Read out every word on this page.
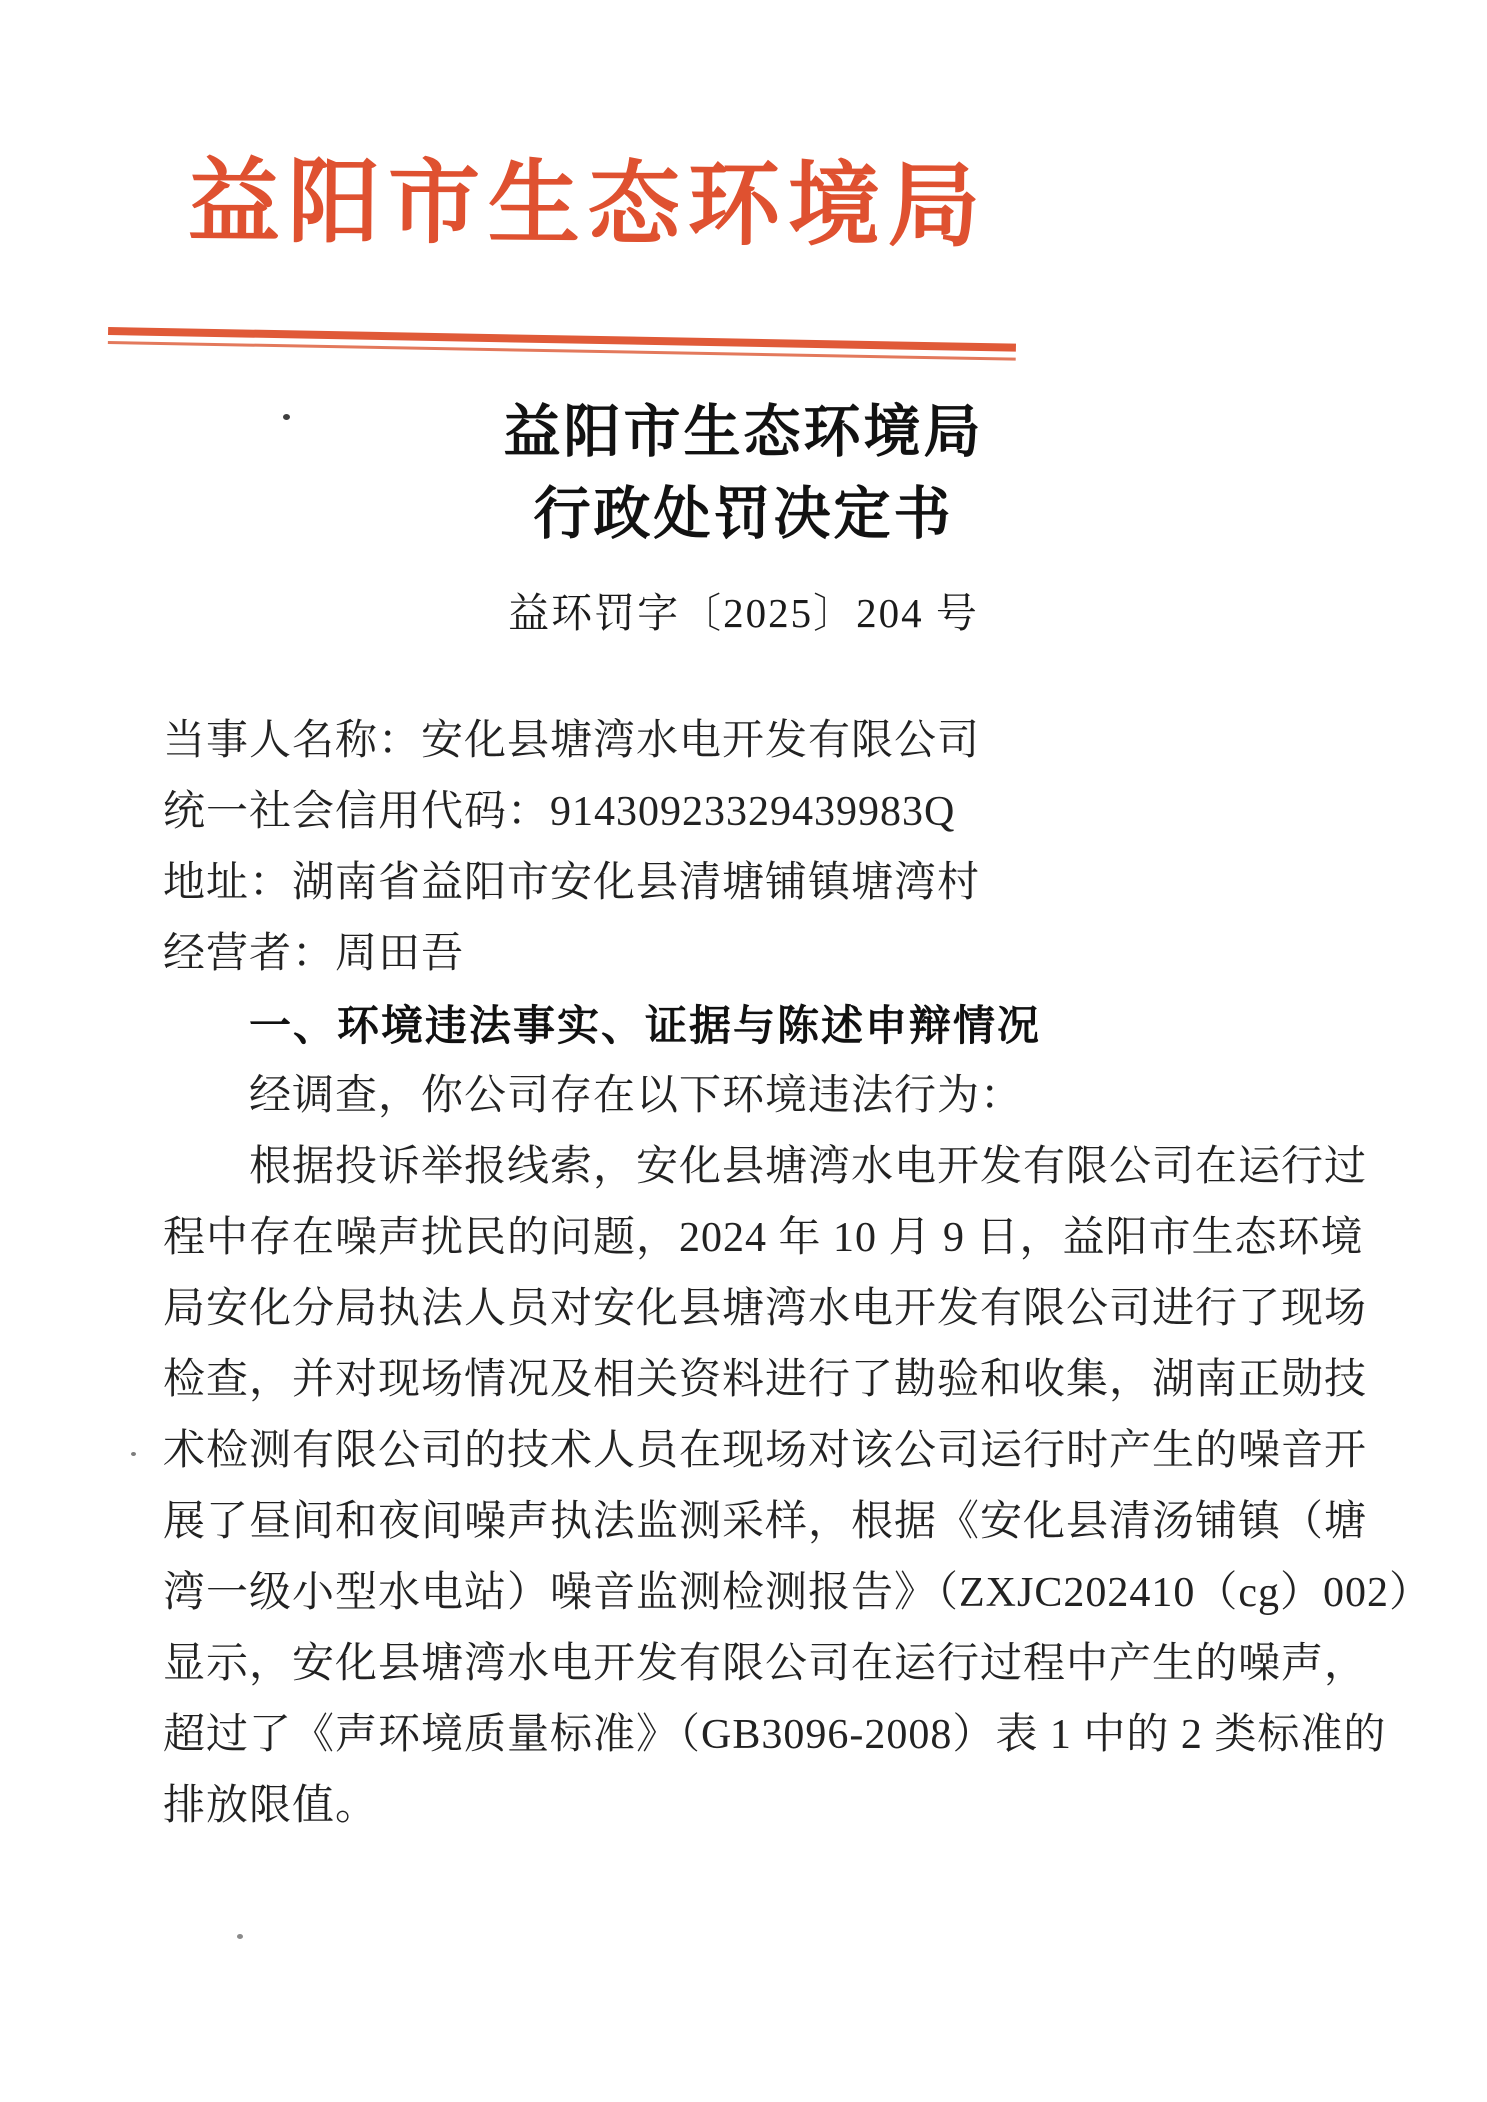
益阳市生态环境局
益阳市生态环境局
行政处罚决定书
益环罚字〔2025〕204 号
当事人名称：安化县塘湾水电开发有限公司
统一社会信用代码：91430923329439983Q
地址：湖南省益阳市安化县清塘铺镇塘湾村
经营者：周田吾
一、环境违法事实、证据与陈述申辩情况
经调查，你公司存在以下环境违法行为：
根据投诉举报线索，安化县塘湾水电开发有限公司在运行过
程中存在噪声扰民的问题，2024 年 10 月 9 日，益阳市生态环境
局安化分局执法人员对安化县塘湾水电开发有限公司进行了现场
检查，并对现场情况及相关资料进行了勘验和收集，湖南正勋技
术检测有限公司的技术人员在现场对该公司运行时产生的噪音开
展了昼间和夜间噪声执法监测采样，根据《安化县清汤铺镇（塘
湾一级小型水电站）噪音监测检测报告》（ZXJC202410（cg）002）
显示，安化县塘湾水电开发有限公司在运行过程中产生的噪声，
超过了《声环境质量标准》（GB3096-2008）表 1 中的 2 类标准的
排放限值。
